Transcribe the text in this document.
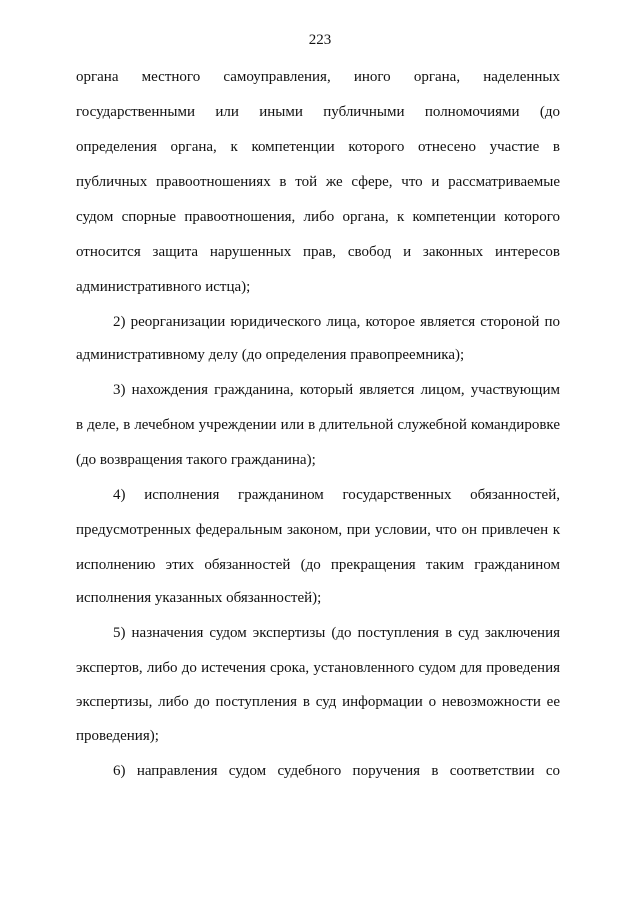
223
органа местного самоуправления, иного органа, наделенных
государственными или иными публичными полномочиями (до
определения органа, к компетенции которого отнесено участие в
публичных правоотношениях в той же сфере, что и рассматриваемые
судом спорные правоотношения, либо органа, к компетенции которого
относится защита нарушенных прав, свобод и законных интересов
административного истца);
2) реорганизации юридического лица, которое является стороной по
административному делу (до определения правопреемника);
3) нахождения гражданина, который является лицом, участвующим
в деле, в лечебном учреждении или в длительной служебной командировке
(до возвращения такого гражданина);
4) исполнения гражданином государственных обязанностей,
предусмотренных федеральным законом, при условии, что он привлечен к
исполнению этих обязанностей (до прекращения таким гражданином
исполнения указанных обязанностей);
5) назначения судом экспертизы (до поступления в суд заключения
экспертов, либо до истечения срока, установленного судом для проведения
экспертизы, либо до поступления в суд информации о невозможности ее
проведения);
6) направления судом судебного поручения в соответствии со
